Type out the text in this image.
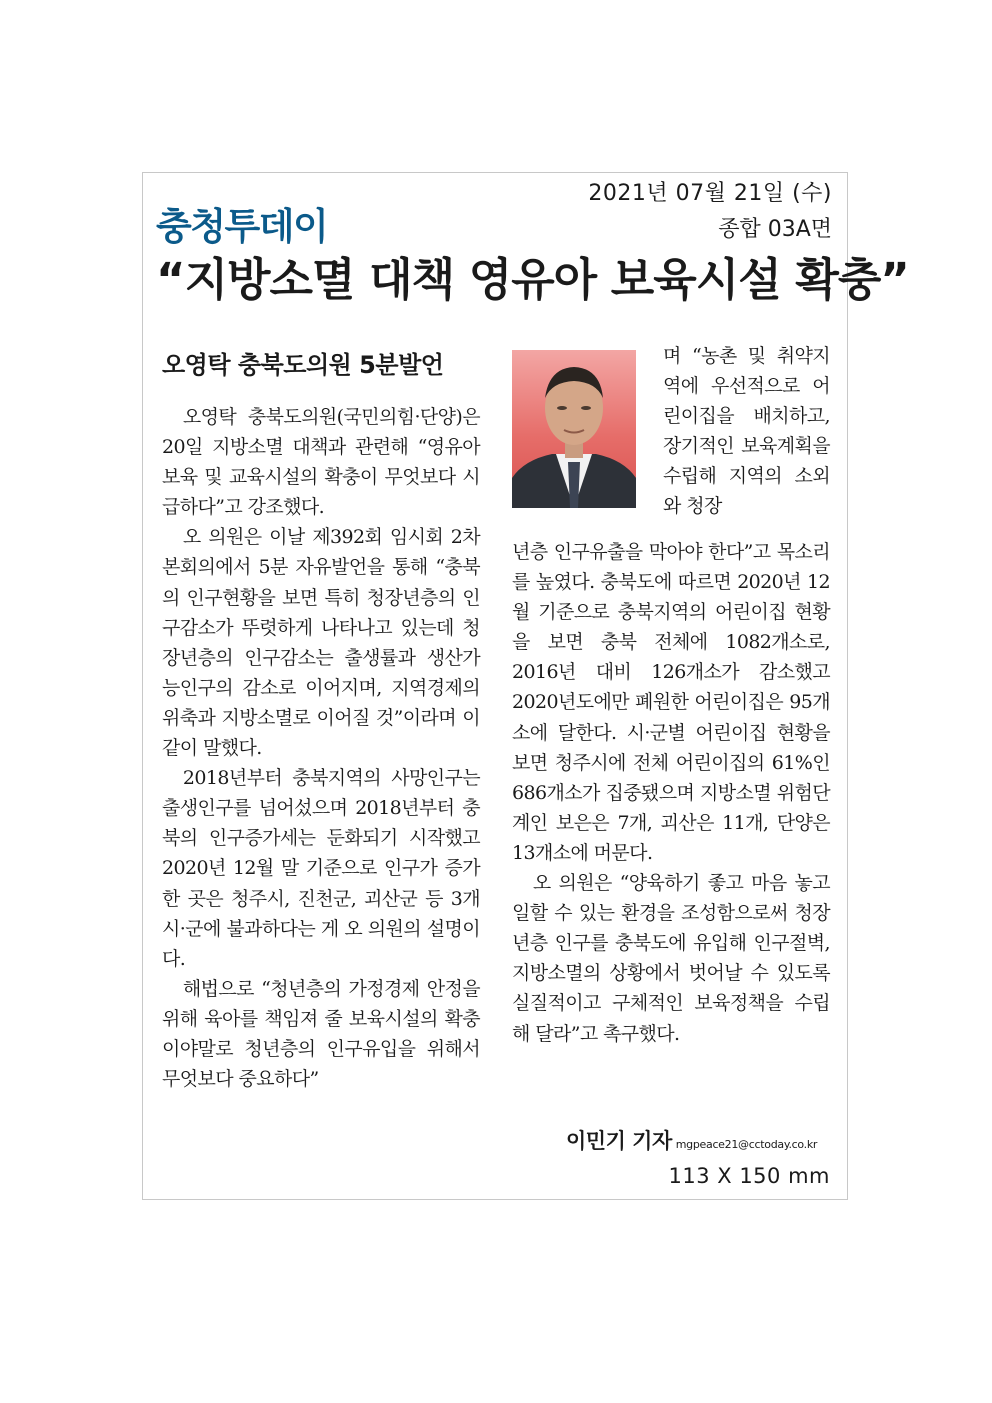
2021년 07월 21일 (수)
종합 03A면
충청투데이
“지방소멸 대책 영유아 보육시설 확충”
오영탁 충북도의원 5분발언

오영탁 충북도의원(국민의힘·단양)은 20일 지방소멸 대책과 관련해 “영유아 보육 및 교육시설의 확충이 무엇보다 시급하다”고 강조했다.

오 의원은 이날 제392회 임시회 2차 본회의에서 5분 자유발언을 통해 “충북의 인구현황을 보면 특히 청장년층의 인구감소가 뚜렷하게 나타나고 있는데 청장년층의 인구감소는 출생률과 생산가능인구의 감소로 이어지며, 지역경제의 위축과 지방소멸로 이어질 것”이라며 이같이 말했다.

2018년부터 충북지역의 사망인구는 출생인구를 넘어섰으며 2018년부터 충북의 인구증가세는 둔화되기 시작했고 2020년 12월 말 기준으로 인구가 증가한 곳은 청주시, 진천군, 괴산군 등 3개 시·군에 불과하다는 게 오 의원의 설명이다.

해법으로 “청년층의 가정경제 안정을 위해 육아를 책임져 줄 보육시설의 확충이야말로 청년층의 인구유입을 위해서 무엇보다 중요하다”

며 “농촌 및 취약지역에 우선적으로 어린이집을 배치하고, 장기적인 보육계획을 수립해 지역의 소외와 청장

년층 인구유출을 막아야 한다”고 목소리를 높였다. 충북도에 따르면 2020년 12월 기준으로 충북지역의 어린이집 현황을 보면 충북 전체에 1082개소로, 2016년 대비 126개소가 감소했고 2020년도에만 폐원한 어린이집은 95개소에 달한다. 시·군별 어린이집 현황을 보면 청주시에 전체 어린이집의 61%인 686개소가 집중됐으며 지방소멸 위험단계인 보은은 7개, 괴산은 11개, 단양은 13개소에 머문다.

오 의원은 “양육하기 좋고 마음 놓고 일할 수 있는 환경을 조성함으로써 청장년층 인구를 충북도에 유입해 인구절벽, 지방소멸의 상황에서 벗어날 수 있도록 실질적이고 구체적인 보육정책을 수립해 달라”고 촉구했다.

이민기 기자 mgpeace21@cctoday.co.kr
113 X 150 mm
